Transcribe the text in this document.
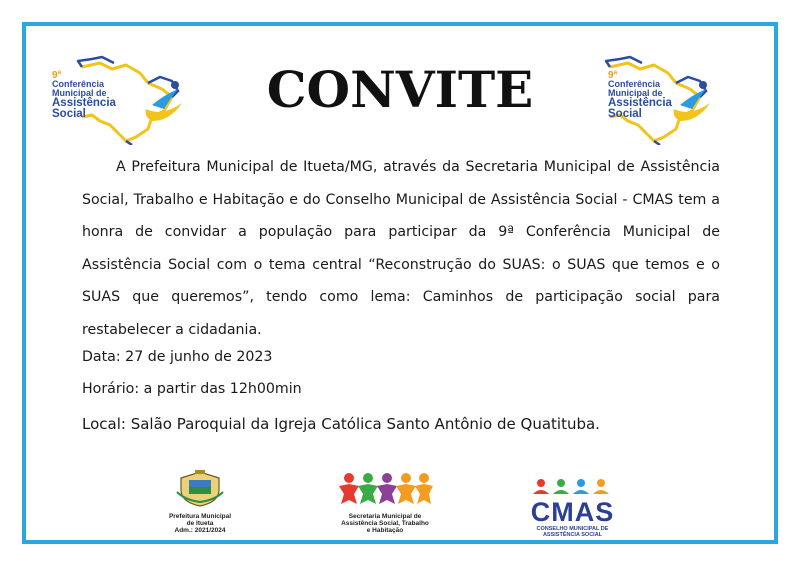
9ª
Conferência
Municipal de
Assistência
Social
9ª
Conferência
Municipal de
Assistência
Social
CONVITE

A Prefeitura Municipal de Itueta/MG, através da Secretaria Municipal de Assistência Social, Trabalho e Habitação e do Conselho Municipal de Assistência Social - CMAS tem a honra de convidar a população para participar da 9ª Conferência Municipal de Assistência Social com o tema central “Reconstrução do SUAS: o SUAS que temos e o SUAS que queremos”, tendo como lema: Caminhos de participação social para restabelecer a cidadania.

Data: 27 de junho de 2023

Horário: a partir das 12h00min

Local: Salão Paroquial da Igreja Católica Santo Antônio de Quatituba.

Prefeitura Municipal
de Itueta
Adm.: 2021/2024
Secretaria Municipal de
Assistência Social, Trabalho
e Habitação
CMAS
CONSELHO MUNICIPAL DE
ASSISTÊNCIA SOCIAL
